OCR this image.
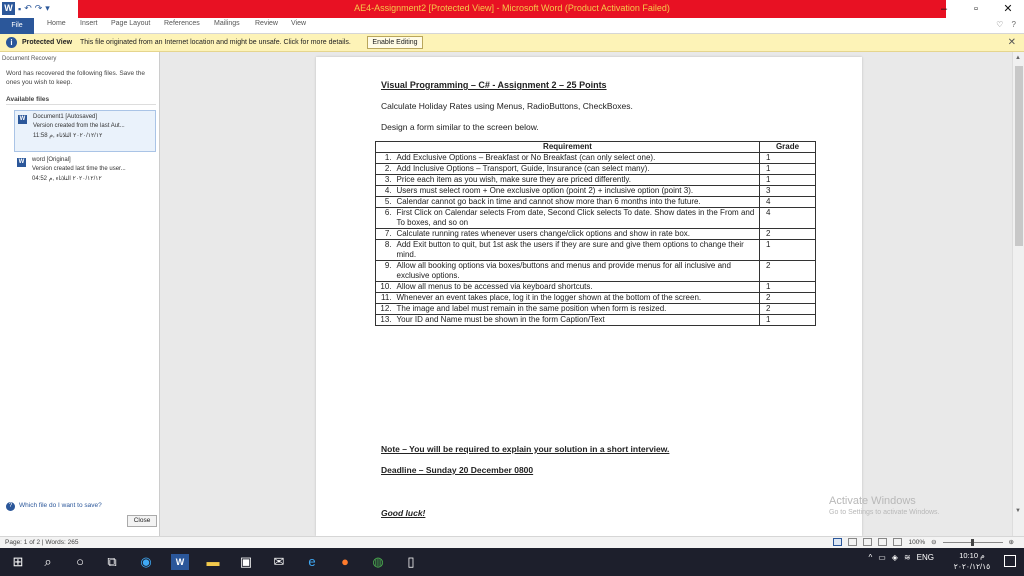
W ▪ ↶ ↷ ▾	AE4-Assignment2 [Protected View] - Microsoft Word (Product Activation Failed)	–	▫	✕
File	Home Insert Page Layout References Mailings Review View	♡ ?
i	Protected View This file originated from an Internet location and might be unsafe. Click for more details.	Enable Editing	✕
Document Recovery
Word has recovered the following files. Save the ones you wish to keep.
Available files
W Document1 [Autosaved]
Version created from the last Aut...
11:58 ٢٠٢٠/١٢/١٢ الثلاثاء ,م
W word [Original]
Version created last time the user...
04:52 ٢٠٢٠/١٢/١٢ الثلاثاء ,م
? Which file do I want to save?
Close
Visual Programming – C# - Assignment 2 – 25 Points
Calculate Holiday Rates using Menus, RadioButtons, CheckBoxes.
Design a form similar to the screen below.
Requirement		Grade
1.	Add Exclusive Options – Breakfast or No Breakfast (can only select one).	1
2.	Add Inclusive Options – Transport, Guide, Insurance (can select many).	1
3.	Price each item as you wish, make sure they are priced differently.	1
4.	Users must select room + One exclusive option (point 2) + inclusive option (point 3).	3
5.	Calendar cannot go back in time and cannot show more than 6 months into the future.	4
6.	First Click on Calendar selects From date, Second Click selects To date. Show dates in the From and To boxes, and so on	4
7.	Calculate running rates whenever users change/click options and show in rate box.	2
8.	Add Exit button to quit, but 1st ask the users if they are sure and give them options to change their mind.	1
9.	Allow all booking options via boxes/buttons and menus and provide menus for all inclusive and exclusive options.	2
10.	Allow all menus to be accessed via keyboard shortcuts.	1
11.	Whenever an event takes place, log it in the logger shown at the bottom of the screen.	2
12.	The image and label must remain in the same position when form is resized.	2
13.	Your ID and Name must be shown in the form Caption/Text	1
Note – You will be required to explain your solution in a short interview.
Deadline – Sunday 20 December 0800
Good luck!
▲
▼
Activate Windows
Go to Settings to activate Windows.
Page: 1 of 2 | Words: 265	100% ⊖	⊕
⊞	⌕	○	⧉ ◉	W	▬ ▣ ✉	e	●	◍	▯	^ ▭ ◈ ≋ ENG	10:10 م
٢٠٢٠/١٢/١٥
